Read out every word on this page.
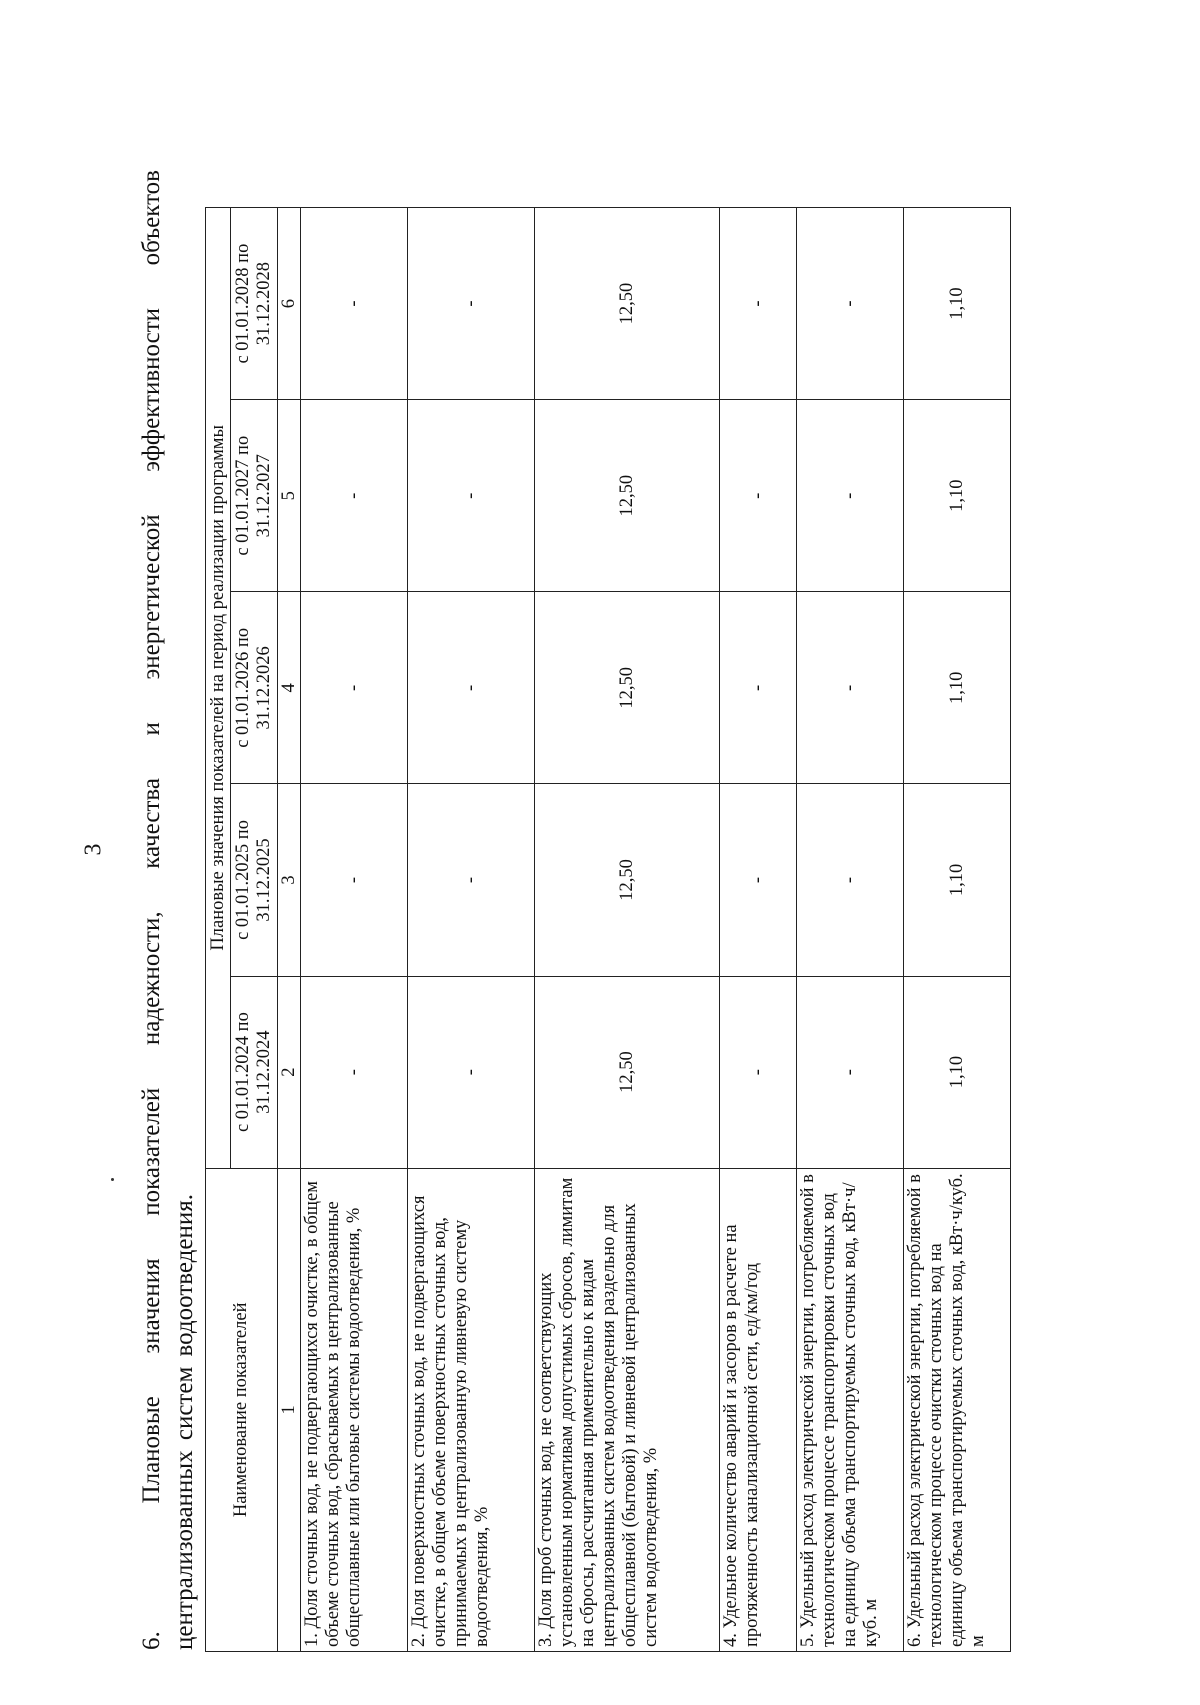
3 6.   Плановые значения показателей надежности, качества и энергетической эффективности объектов централизованных систем водоотведения. Наименование показателей	Плановые значения показателей на период реализации программы				
	с 01.01.2024 по 31.12.2024	с 01.01.2025 по 31.12.2025	с 01.01.2026 по 31.12.2026	с 01.01.2027 по 31.12.2027	с 01.01.2028 по 31.12.2028
1	2	3	4	5	6
1. Доля сточных вод, не подвергающихся очистке, в общем объеме сточных вод, сбрасываемых в централизованные общесплавные или бытовые системы водоотведения, %	-	-	-	-	-
2. Доля поверхностных сточных вод, не подвергающихся очистке, в общем объеме поверхностных сточных вод, принимаемых в централизованную ливневую систему водоотведения, %	-	-	-	-	-
3. Доля проб сточных вод, не соответствующих установленным нормативам допустимых сбросов, лимитам на сбросы, рассчитанная применительно к видам централизованных систем водоотведения раздельно для общесплавной (бытовой) и ливневой централизованных систем водоотведения, %	12,50	12,50	12,50	12,50	12,50
4. Удельное количество аварий и засоров в расчете на протяженность канализационной сети, ед/км/год	-	-	-	-	-
5. Удельный расход электрической энергии, потребляемой в технологическом процессе транспортировки сточных вод на единицу объема транспортируемых сточных вод, кВт·ч/куб. м	-	-	-	-	-
6. Удельный расход электрической энергии, потребляемой в технологическом процессе очистки сточных вод на единицу объема транспортируемых сточных вод, кВт·ч/куб. м	1,10	1,10	1,10	1,10	1,10
